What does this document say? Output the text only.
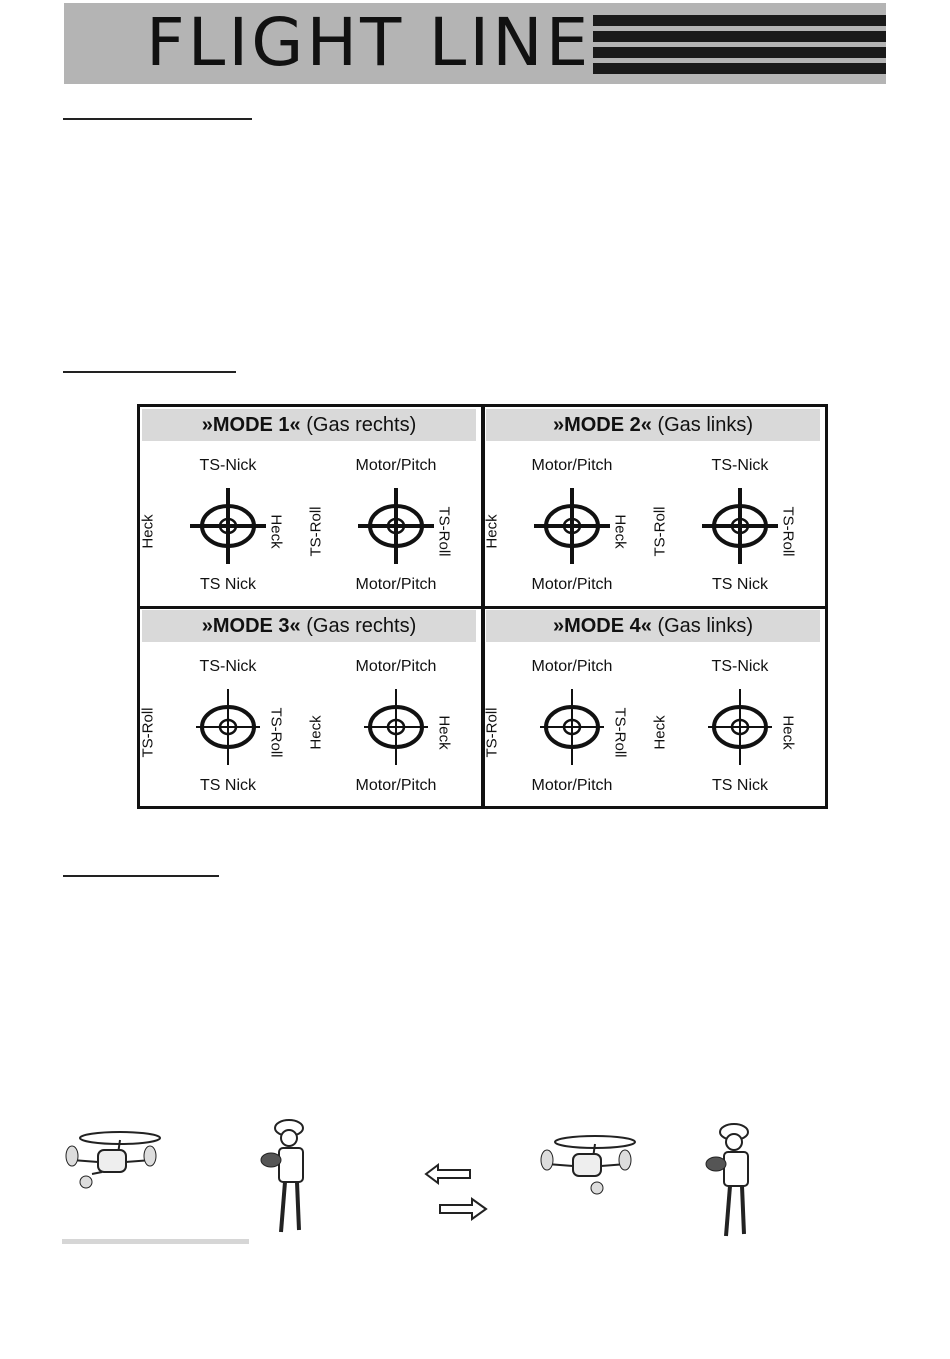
FLIGHT LINE
»MODE 1« (Gas rechts)
TS-Nick
TS Nick
Heck	Heck
Motor/Pitch
Motor/Pitch
TS-Roll	TS-Roll
»MODE 2« (Gas links)
Motor/Pitch
Motor/Pitch
Heck	Heck
TS-Nick
TS Nick
TS-Roll	TS-Roll
»MODE 3« (Gas rechts)
TS-Nick
TS Nick
TS-Roll	TS-Roll
Motor/Pitch
Motor/Pitch
Heck	Heck
»MODE 4« (Gas links)
Motor/Pitch
Motor/Pitch
TS-Roll	TS-Roll
TS-Nick
TS Nick
Heck	Heck
